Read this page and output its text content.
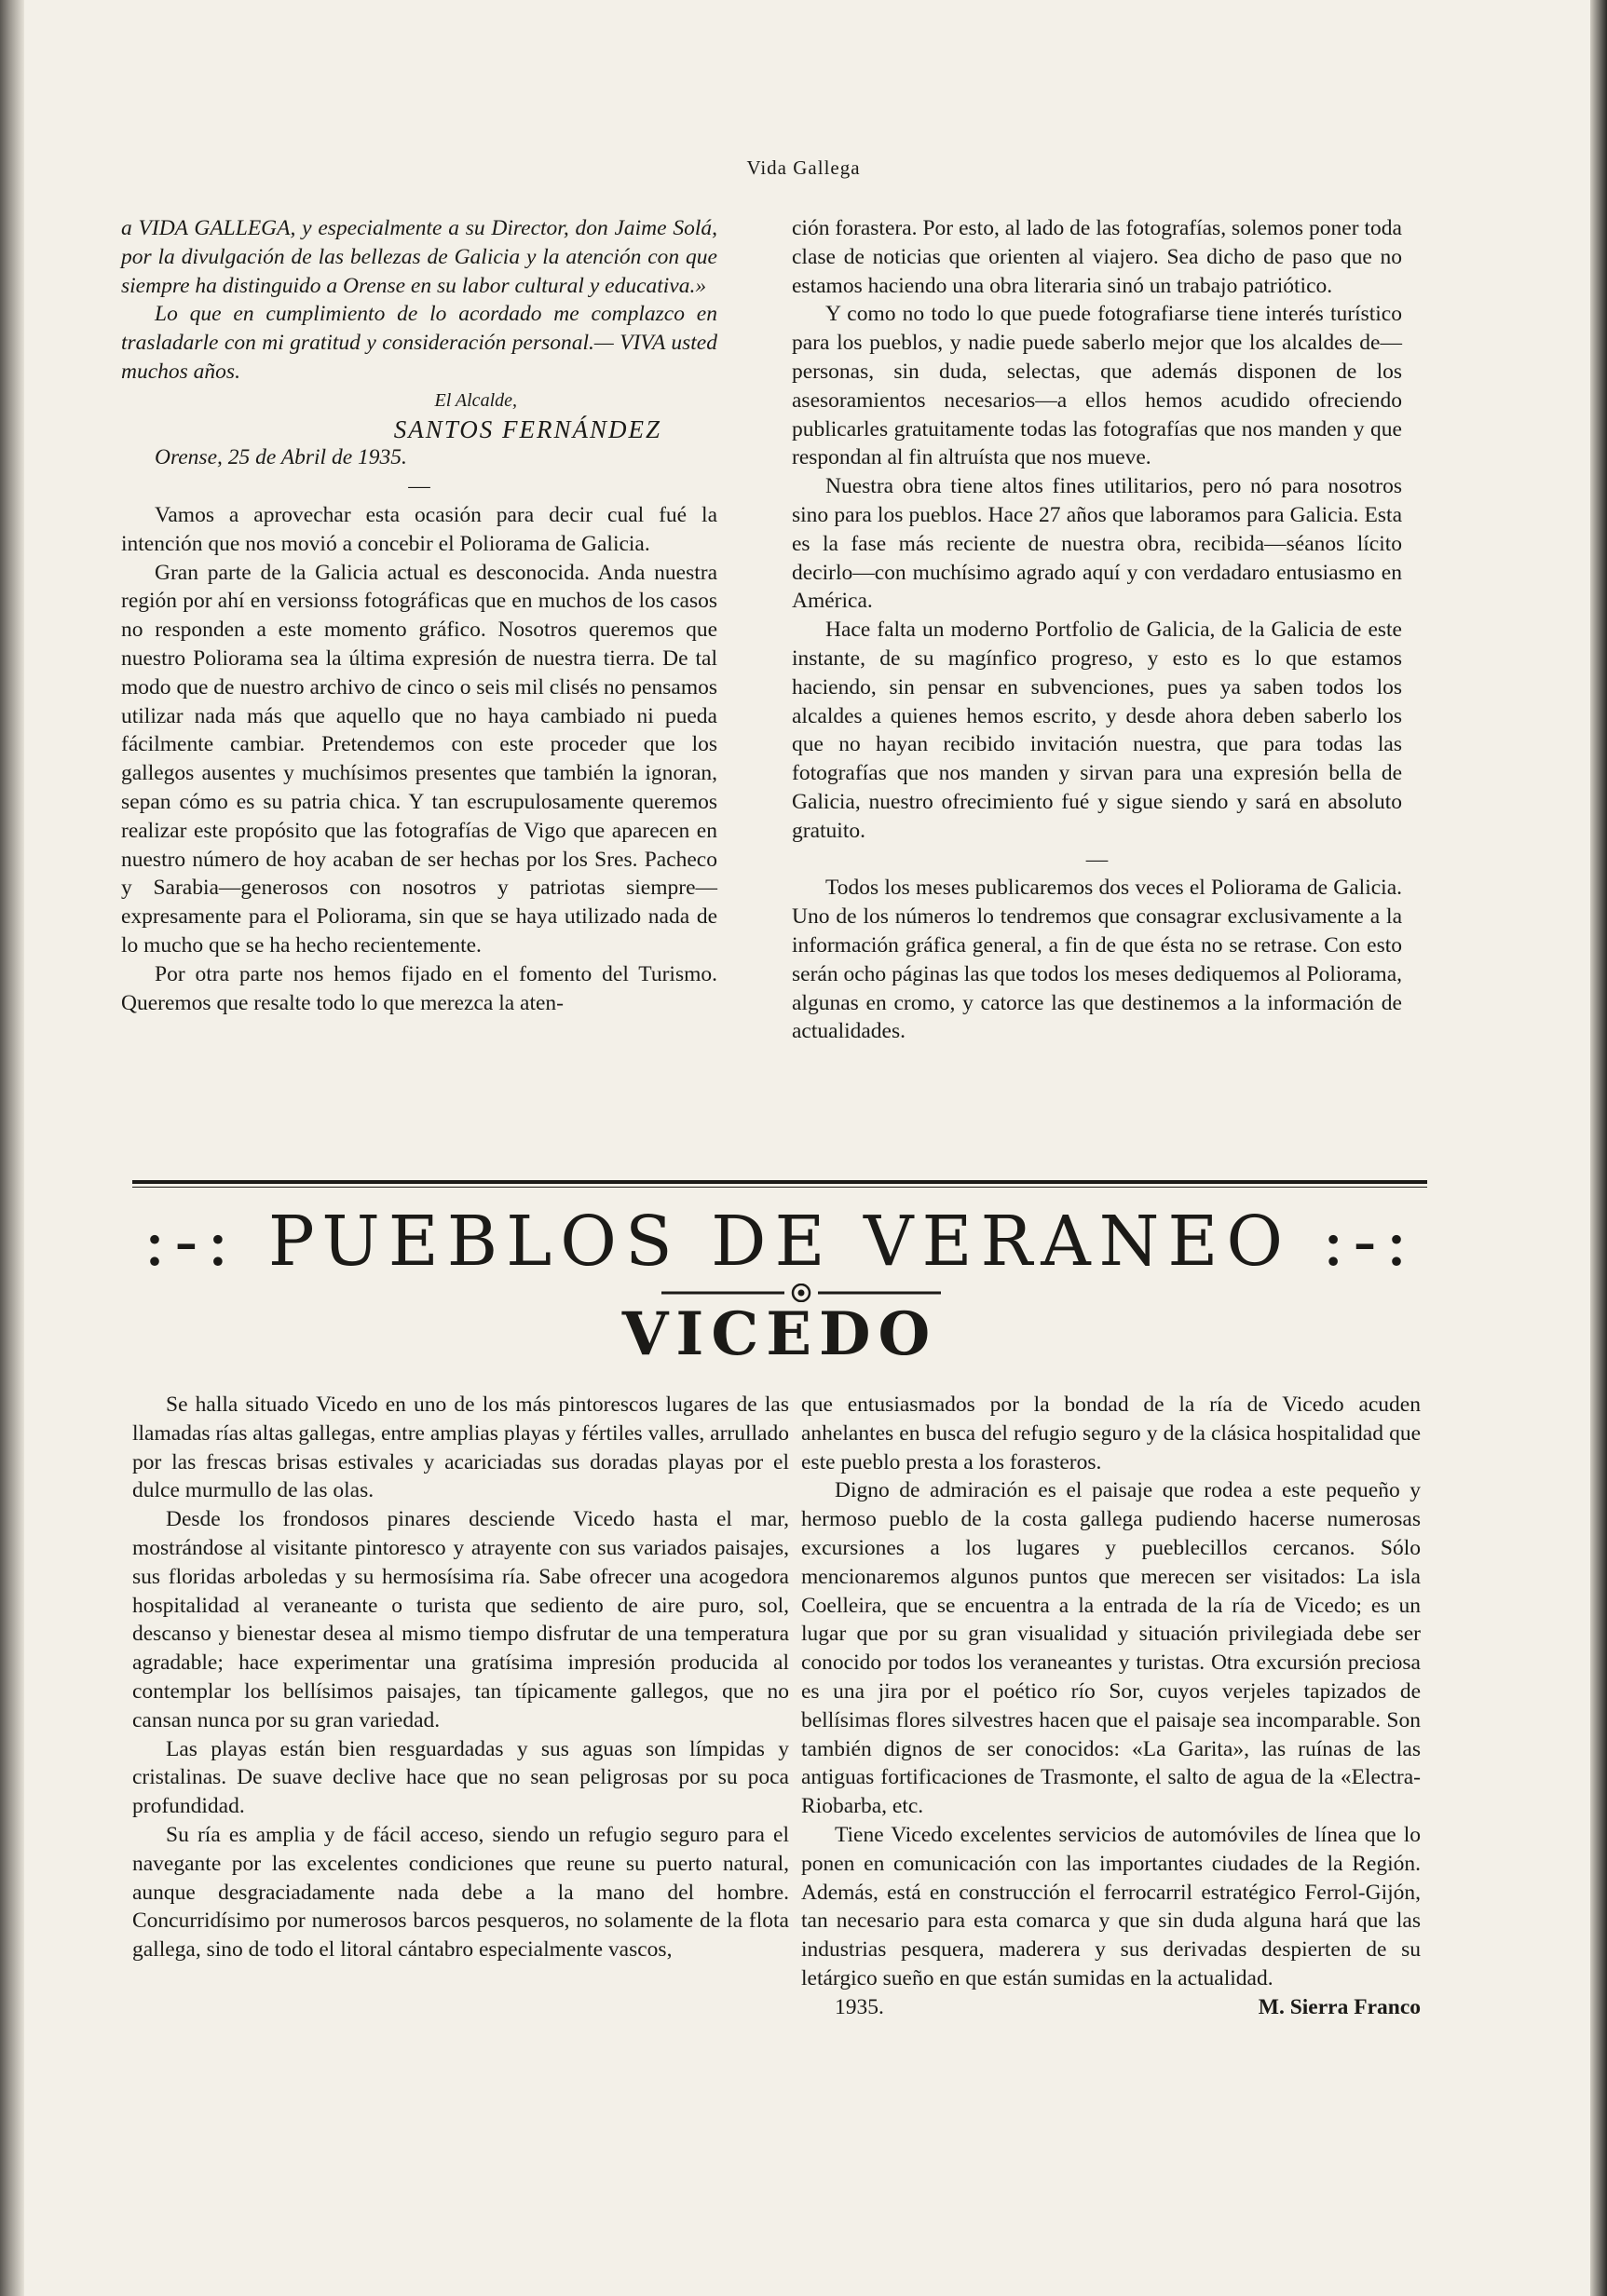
Vida Gallega

a VIDA GALLEGA, y especialmente a su Director, don Jaime Solá, por la divulgación de las bellezas de Galicia y la atención con que siempre ha distinguido a Orense en su labor cultural y educativa.»

Lo que en cumplimiento de lo acordado me complazco en trasladarle con mi gratitud y consideración personal.— VIVA usted muchos años.

El Alcalde,
SANTOS FERNÁNDEZ

Orense, 25 de Abril de 1935.

—

Vamos a aprovechar esta ocasión para decir cual fué la intención que nos movió a concebir el Poliorama de Galicia.

Gran parte de la Galicia actual es desconocida. Anda nuestra región por ahí en versionss fotográficas que en muchos de los casos no responden a este momento gráfico. Nosotros queremos que nuestro Poliorama sea la última expresión de nuestra tierra. De tal modo que de nuestro archivo de cinco o seis mil clisés no pensamos utilizar nada más que aquello que no haya cambiado ni pueda fácilmente cambiar. Pretendemos con este proceder que los gallegos ausentes y muchísimos presentes que también la ignoran, sepan cómo es su patria chica. Y tan escrupulosamente queremos realizar este propósito que las fotografías de Vigo que aparecen en nuestro número de hoy acaban de ser hechas por los Sres. Pacheco y Sarabia—generosos con nosotros y patriotas siempre—expresamente para el Poliorama, sin que se haya utilizado nada de lo mucho que se ha hecho recientemente.

Por otra parte nos hemos fijado en el fomento del Turismo. Queremos que resalte todo lo que merezca la aten-

ción forastera. Por esto, al lado de las fotografías, solemos poner toda clase de noticias que orienten al viajero. Sea dicho de paso que no estamos haciendo una obra literaria sinó un trabajo patriótico.

Y como no todo lo que puede fotografiarse tiene interés turístico para los pueblos, y nadie puede saberlo mejor que los alcaldes de—personas, sin duda, selectas, que además disponen de los asesoramientos necesarios—a ellos hemos acudido ofreciendo publicarles gratuitamente todas las fotografías que nos manden y que respondan al fin altruísta que nos mueve.

Nuestra obra tiene altos fines utilitarios, pero nó para nosotros sino para los pueblos. Hace 27 años que laboramos para Galicia. Esta es la fase más reciente de nuestra obra, recibida—séanos lícito decirlo—con muchísimo agrado aquí y con verdadaro entusiasmo en América.

Hace falta un moderno Portfolio de Galicia, de la Galicia de este instante, de su magínfico progreso, y esto es lo que estamos haciendo, sin pensar en subvenciones, pues ya saben todos los alcaldes a quienes hemos escrito, y desde ahora deben saberlo los que no hayan recibido invitación nuestra, que para todas las fotografías que nos manden y sirvan para una expresión bella de Galicia, nuestro ofrecimiento fué y sigue siendo y sará en absoluto gratuito.

—

Todos los meses publicaremos dos veces el Poliorama de Galicia. Uno de los números lo tendremos que consagrar exclusivamente a la información gráfica general, a fin de que ésta no se retrase. Con esto serán ocho páginas las que todos los meses dediquemos al Poliorama, algunas en cromo, y catorce las que destinemos a la información de actualidades.

:-: PUEBLOS DE VERANEO :-:
VICEDO

Se halla situado Vicedo en uno de los más pintorescos lugares de las llamadas rías altas gallegas, entre amplias playas y fértiles valles, arrullado por las frescas brisas estivales y acariciadas sus doradas playas por el dulce murmullo de las olas.

Desde los frondosos pinares desciende Vicedo hasta el mar, mostrándose al visitante pintoresco y atrayente con sus variados paisajes, sus floridas arboledas y su hermosísima ría. Sabe ofrecer una acogedora hospitalidad al veraneante o turista que sediento de aire puro, sol, descanso y bienestar desea al mismo tiempo disfrutar de una temperatura agradable; hace experimentar una gratísima impresión producida al contemplar los bellísimos paisajes, tan típicamente gallegos, que no cansan nunca por su gran variedad.

Las playas están bien resguardadas y sus aguas son límpidas y cristalinas. De suave declive hace que no sean peligrosas por su poca profundidad.

Su ría es amplia y de fácil acceso, siendo un refugio seguro para el navegante por las excelentes condiciones que reune su puerto natural, aunque desgraciadamente nada debe a la mano del hombre. Concurridísimo por numerosos barcos pesqueros, no solamente de la flota gallega, sino de todo el litoral cántabro especialmente vascos,

que entusiasmados por la bondad de la ría de Vicedo acuden anhelantes en busca del refugio seguro y de la clásica hospitalidad que este pueblo presta a los forasteros.

Digno de admiración es el paisaje que rodea a este pequeño y hermoso pueblo de la costa gallega pudiendo hacerse numerosas excursiones a los lugares y pueblecillos cercanos. Sólo mencionaremos algunos puntos que merecen ser visitados: La isla Coelleira, que se encuentra a la entrada de la ría de Vicedo; es un lugar que por su gran visualidad y situación privilegiada debe ser conocido por todos los veraneantes y turistas. Otra excursión preciosa es una jira por el poético río Sor, cuyos verjeles tapizados de bellísimas flores silvestres hacen que el paisaje sea incomparable. Son también dignos de ser conocidos: «La Garita», las ruínas de las antiguas fortificaciones de Trasmonte, el salto de agua de la «Electra-Riobarba, etc.

Tiene Vicedo excelentes servicios de automóviles de línea que lo ponen en comunicación con las importantes ciudades de la Región. Además, está en construcción el ferrocarril estratégico Ferrol-Gijón, tan necesario para esta comarca y que sin duda alguna hará que las industrias pesquera, maderera y sus derivadas despierten de su letárgico sueño en que están sumidas en la actualidad.

1935.	M. Sierra Franco
